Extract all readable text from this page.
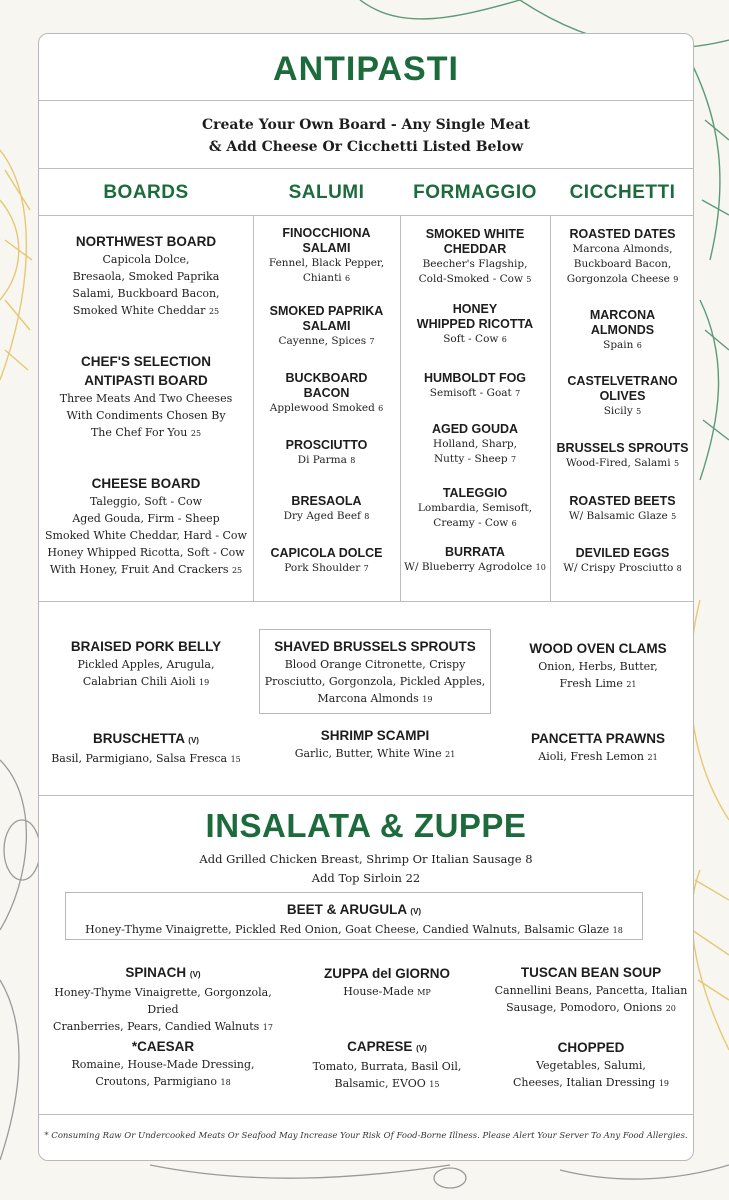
ANTIPASTI
Create Your Own Board - Any Single Meat
& Add Cheese Or Cicchetti Listed Below
BOARDS	SALUMI	FORMAGGIO	CICCHETTI
NORTHWEST BOARD
Capicola Dolce,
Bresaola, Smoked Paprika
Salami, Buckboard Bacon,
Smoked White Cheddar 25
CHEF'S SELECTION
ANTIPASTI BOARD
Three Meats And Two Cheeses
With Condiments Chosen By
The Chef For You 25
CHEESE BOARD
Taleggio, Soft - Cow
Aged Gouda, Firm - Sheep
Smoked White Cheddar, Hard - Cow
Honey Whipped Ricotta, Soft - Cow
With Honey, Fruit And Crackers 25
FINOCCHIONA
SALAMI
Fennel, Black Pepper,
Chianti 6
SMOKED PAPRIKA
SALAMI
Cayenne, Spices 7
BUCKBOARD
BACON
Applewood Smoked 6
PROSCIUTTO
Di Parma 8
BRESAOLA
Dry Aged Beef 8
CAPICOLA DOLCE
Pork Shoulder 7
SMOKED WHITE
CHEDDAR
Beecher's Flagship,
Cold-Smoked - Cow 5
HONEY
WHIPPED RICOTTA
Soft - Cow 6
HUMBOLDT FOG
Semisoft - Goat 7
AGED GOUDA
Holland, Sharp,
Nutty - Sheep 7
TALEGGIO
Lombardia, Semisoft,
Creamy - Cow 6
BURRATA
W/ Blueberry Agrodolce 10
ROASTED DATES
Marcona Almonds,
Buckboard Bacon,
Gorgonzola Cheese 9
MARCONA
ALMONDS
Spain 6
CASTELVETRANO
OLIVES
Sicily 5
BRUSSELS SPROUTS
Wood-Fired, Salami 5
ROASTED BEETS
W/ Balsamic Glaze 5
DEVILED EGGS
W/ Crispy Prosciutto 8
BRAISED PORK BELLY
Pickled Apples, Arugula,
Calabrian Chili Aioli 19
SHAVED BRUSSELS SPROUTS
Blood Orange Citronette, Crispy
Prosciutto, Gorgonzola, Pickled Apples,
Marcona Almonds 19
WOOD OVEN CLAMS
Onion, Herbs, Butter,
Fresh Lime 21
BRUSCHETTA (V)
Basil, Parmigiano, Salsa Fresca 15
SHRIMP SCAMPI
Garlic, Butter, White Wine 21
PANCETTA PRAWNS
Aioli, Fresh Lemon 21
INSALATA & ZUPPE
Add Grilled Chicken Breast, Shrimp Or Italian Sausage 8
Add Top Sirloin 22
BEET & ARUGULA (V)
Honey-Thyme Vinaigrette, Pickled Red Onion, Goat Cheese, Candied Walnuts, Balsamic Glaze 18
SPINACH (V)
Honey-Thyme Vinaigrette, Gorgonzola, Dried
Cranberries, Pears, Candied Walnuts 17
ZUPPA del GIORNO
House-Made MP
TUSCAN BEAN SOUP
Cannellini Beans, Pancetta, Italian
Sausage, Pomodoro, Onions 20
*CAESAR
Romaine, House-Made Dressing,
Croutons, Parmigiano 18
CAPRESE (V)
Tomato, Burrata, Basil Oil,
Balsamic, EVOO 15
CHOPPED
Vegetables, Salumi,
Cheeses, Italian Dressing 19
* Consuming Raw Or Undercooked Meats Or Seafood May Increase Your Risk Of Food-Borne Illness. Please Alert Your Server To Any Food Allergies.
